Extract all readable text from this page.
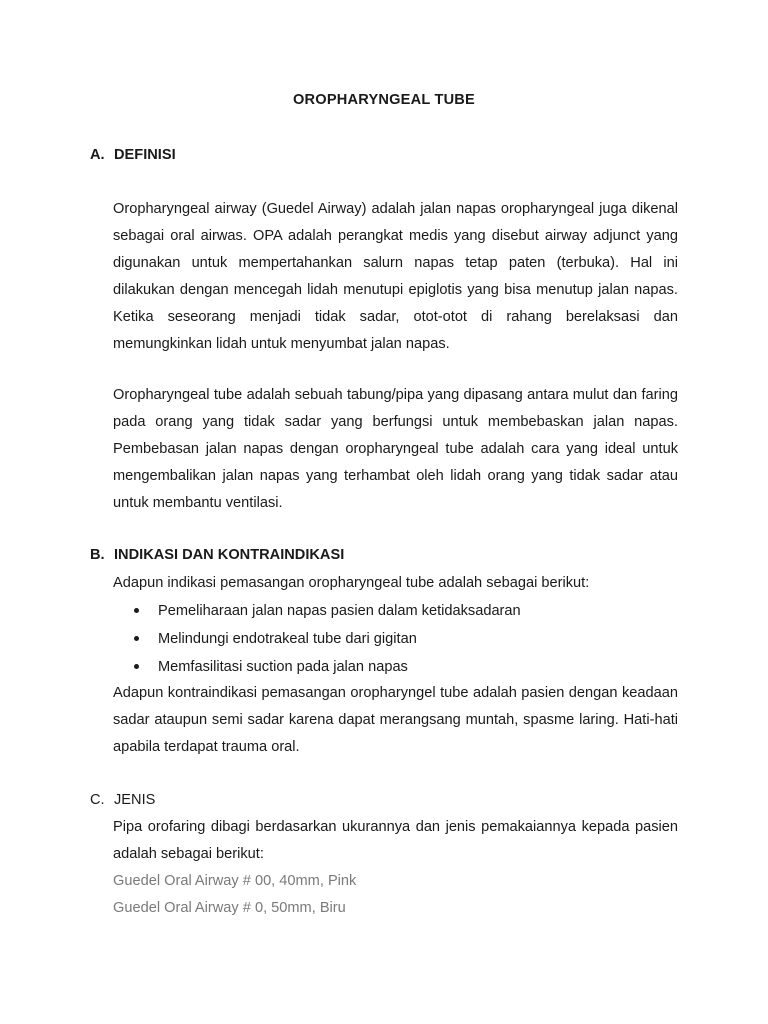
OROPHARYNGEAL TUBE
A. DEFINISI

Oropharyngeal airway (Guedel Airway) adalah jalan napas oropharyngeal juga dikenal sebagai oral airwas. OPA adalah perangkat medis yang disebut airway adjunct yang digunakan untuk mempertahankan salurn napas tetap paten (terbuka). Hal ini dilakukan dengan mencegah lidah menutupi epiglotis yang bisa menutup jalan napas. Ketika seseorang menjadi tidak sadar, otot-otot di rahang berelaksasi dan memungkinkan lidah untuk menyumbat jalan napas.

Oropharyngeal tube adalah sebuah tabung/pipa yang dipasang antara mulut dan faring pada orang yang tidak sadar yang berfungsi untuk membebaskan jalan napas. Pembebasan jalan napas dengan oropharyngeal tube adalah cara yang ideal untuk mengembalikan jalan napas yang terhambat oleh lidah orang yang tidak sadar atau untuk membantu ventilasi.

B. INDIKASI DAN KONTRAINDIKASI

Adapun indikasi pemasangan oropharyngeal tube adalah sebagai berikut:

Pemeliharaan jalan napas pasien dalam ketidaksadaran
Melindungi endotrakeal tube dari gigitan
Memfasilitasi suction pada jalan napas

Adapun kontraindikasi pemasangan oropharyngel tube adalah pasien dengan keadaan sadar ataupun semi sadar karena dapat merangsang muntah, spasme laring. Hati-hati apabila terdapat trauma oral.

C. JENIS

Pipa orofaring dibagi berdasarkan ukurannya dan jenis pemakaiannya kepada pasien adalah sebagai berikut:

Guedel Oral Airway # 00, 40mm, Pink
Guedel Oral Airway # 0, 50mm, Biru
